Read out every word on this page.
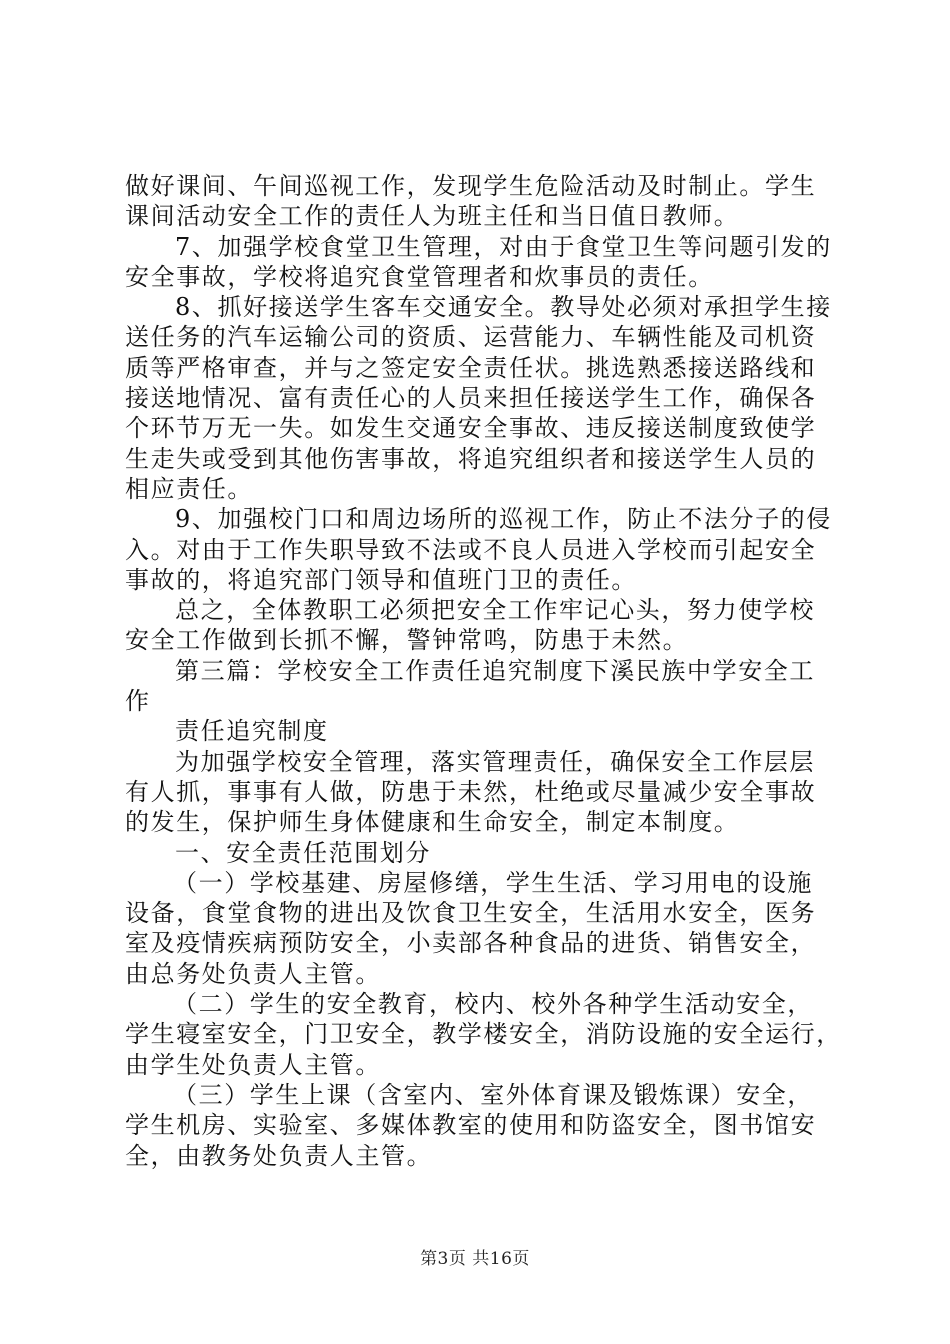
做好课间、午间巡视工作，发现学生危险活动及时制止。学生
课间活动安全工作的责任人为班主任和当日值日教师。
7、加强学校食堂卫生管理，对由于食堂卫生等问题引发的
安全事故，学校将追究食堂管理者和炊事员的责任。
8、抓好接送学生客车交通安全。教导处必须对承担学生接
送任务的汽车运输公司的资质、运营能力、车辆性能及司机资
质等严格审查，并与之签定安全责任状。挑选熟悉接送路线和
接送地情况、富有责任心的人员来担任接送学生工作，确保各
个环节万无一失。如发生交通安全事故、违反接送制度致使学
生走失或受到其他伤害事故，将追究组织者和接送学生人员的
相应责任。
9、加强校门口和周边场所的巡视工作，防止不法分子的侵
入。对由于工作失职导致不法或不良人员进入学校而引起安全
事故的，将追究部门领导和值班门卫的责任。
总之，全体教职工必须把安全工作牢记心头，努力使学校
安全工作做到长抓不懈，警钟常鸣，防患于未然。
第三篇：学校安全工作责任追究制度下溪民族中学安全工
作
责任追究制度
为加强学校安全管理，落实管理责任，确保安全工作层层
有人抓，事事有人做，防患于未然，杜绝或尽量减少安全事故
的发生，保护师生身体健康和生命安全，制定本制度。
一、安全责任范围划分
（一）学校基建、房屋修缮，学生生活、学习用电的设施
设备，食堂食物的进出及饮食卫生安全，生活用水安全，医务
室及疫情疾病预防安全，小卖部各种食品的进货、销售安全，
由总务处负责人主管。
（二）学生的安全教育，校内、校外各种学生活动安全，
学生寝室安全，门卫安全，教学楼安全，消防设施的安全运行，
由学生处负责人主管。
（三）学生上课（含室内、室外体育课及锻炼课）安全，
学生机房、实验室、多媒体教室的使用和防盗安全，图书馆安
全，由教务处负责人主管。
第3页 共16页
